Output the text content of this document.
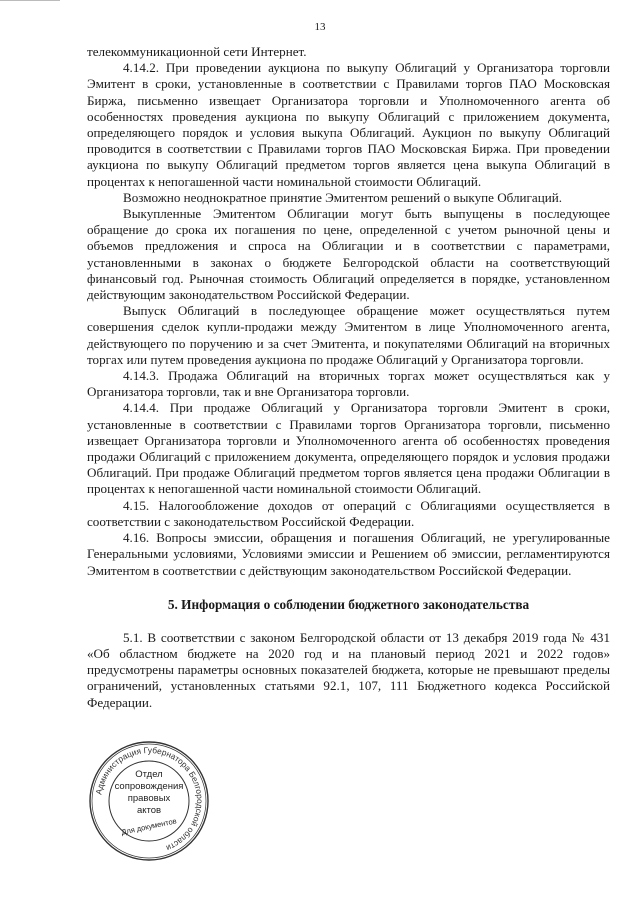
13

телекоммуникационной сети Интернет.

4.14.2. При проведении аукциона по выкупу Облигаций у Организатора торговли Эмитент в сроки, установленные в соответствии с Правилами торгов ПАО Московская Биржа, письменно извещает Организатора торговли и Уполномоченного агента об особенностях проведения аукциона по выкупу Облигаций с приложением документа, определяющего порядок и условия выкупа Облигаций. Аукцион по выкупу Облигаций проводится в соответствии с Правилами торгов ПАО Московская Биржа. При проведении аукциона по выкупу Облигаций предметом торгов является цена выкупа Облигаций в процентах к непогашенной части номинальной стоимости Облигаций.

Возможно неоднократное принятие Эмитентом решений о выкупе Облигаций.

Выкупленные Эмитентом Облигации могут быть выпущены в последующее обращение до срока их погашения по цене, определенной с учетом рыночной цены и объемов предложения и спроса на Облигации и в соответствии с параметрами, установленными в законах о бюджете Белгородской области на соответствующий финансовый год. Рыночная стоимость Облигаций определяется в порядке, установленном действующим законодательством Российской Федерации.

Выпуск Облигаций в последующее обращение может осуществляться путем совершения сделок купли-продажи между Эмитентом в лице Уполномоченного агента, действующего по поручению и за счет Эмитента, и покупателями Облигаций на вторичных торгах или путем проведения аукциона по продаже Облигаций у Организатора торговли.

4.14.3. Продажа Облигаций на вторичных торгах может осуществляться как у Организатора торговли, так и вне Организатора торговли.

4.14.4. При продаже Облигаций у Организатора торговли Эмитент в сроки, установленные в соответствии с Правилами торгов Организатора торговли, письменно извещает Организатора торговли и Уполномоченного агента об особенностях проведения продажи Облигаций с приложением документа, определяющего порядок и условия продажи Облигаций. При продаже Облигаций предметом торгов является цена продажи Облигации в процентах к непогашенной части номинальной стоимости Облигаций.

4.15. Налогообложение доходов от операций с Облигациями осуществляется в соответствии с законодательством Российской Федерации.

4.16. Вопросы эмиссии, обращения и погашения Облигаций, не урегулированные Генеральными условиями, Условиями эмиссии и Решением об эмиссии, регламентируются Эмитентом в соответствии с действующим законодательством Российской Федерации.

5. Информация о соблюдении бюджетного законодательства

5.1. В соответствии с законом Белгородской области от 13 декабря 2019 года № 431 «Об областном бюджете на 2020 год и на плановый период 2021 и 2022 годов» предусмотрены параметры основных показателей бюджета, которые не превышают пределы ограничений, установленных статьями 92.1, 107, 111 Бюджетного кодекса Российской Федерации.

Администрация Губернатора Белгородской области
Отдел
сопровождения
правовых
актов
Для документов
